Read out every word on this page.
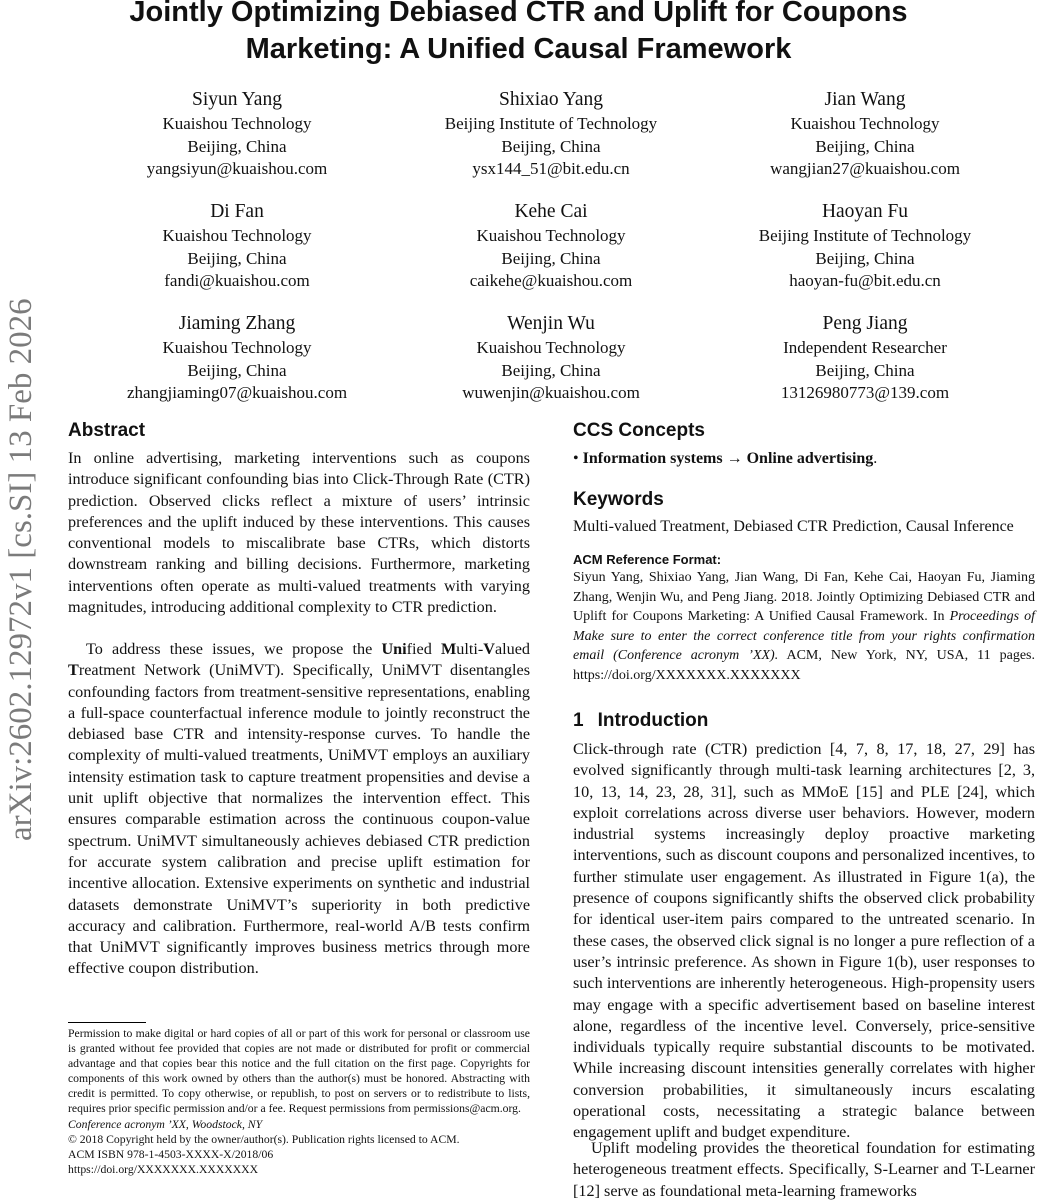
Jointly Optimizing Debiased CTR and Uplift for Coupons
Marketing: A Unified Causal Framework
arXiv:2602.12972v1 [cs.SI] 13 Feb 2026
Siyun Yang
Kuaishou Technology
Beijing, China
yangsiyun@kuaishou.com
Shixiao Yang
Beijing Institute of Technology
Beijing, China
ysx144_51@bit.edu.cn
Jian Wang
Kuaishou Technology
Beijing, China
wangjian27@kuaishou.com
Di Fan
Kuaishou Technology
Beijing, China
fandi@kuaishou.com
Kehe Cai
Kuaishou Technology
Beijing, China
caikehe@kuaishou.com
Haoyan Fu
Beijing Institute of Technology
Beijing, China
haoyan-fu@bit.edu.cn
Jiaming Zhang
Kuaishou Technology
Beijing, China
zhangjiaming07@kuaishou.com
Wenjin Wu
Kuaishou Technology
Beijing, China
wuwenjin@kuaishou.com
Peng Jiang
Independent Researcher
Beijing, China
13126980773@139.com
Abstract

In online advertising, marketing interventions such as coupons introduce significant confounding bias into Click-Through Rate (CTR) prediction. Observed clicks reflect a mixture of users’ intrinsic preferences and the uplift induced by these interventions. This causes conventional models to miscalibrate base CTRs, which distorts downstream ranking and billing decisions. Furthermore, marketing interventions often operate as multi-valued treatments with varying magnitudes, introducing additional complexity to CTR prediction.

To address these issues, we propose the Unified Multi-Valued Treatment Network (UniMVT). Specifically, UniMVT disentangles confounding factors from treatment-sensitive representations, enabling a full-space counterfactual inference module to jointly reconstruct the debiased base CTR and intensity-response curves. To handle the complexity of multi-valued treatments, UniMVT employs an auxiliary intensity estimation task to capture treatment propensities and devise a unit uplift objective that normalizes the intervention effect. This ensures comparable estimation across the continuous coupon-value spectrum. UniMVT simultaneously achieves debiased CTR prediction for accurate system calibration and precise uplift estimation for incentive allocation. Extensive experiments on synthetic and industrial datasets demonstrate UniMVT’s superiority in both predictive accuracy and calibration. Furthermore, real-world A/B tests confirm that UniMVT significantly improves business metrics through more effective coupon distribution.

CCS Concepts
• Information systems → Online advertising.
Keywords
Multi-valued Treatment, Debiased CTR Prediction, Causal Inference
ACM Reference Format:

Siyun Yang, Shixiao Yang, Jian Wang, Di Fan, Kehe Cai, Haoyan Fu, Jiaming Zhang, Wenjin Wu, and Peng Jiang. 2018. Jointly Optimizing Debiased CTR and Uplift for Coupons Marketing: A Unified Causal Framework. In Proceedings of Make sure to enter the correct conference title from your rights confirmation email (Conference acronym ’XX). ACM, New York, NY, USA, 11 pages. https://doi.org/XXXXXXX.XXXXXXX

1 Introduction

Click-through rate (CTR) prediction [4, 7, 8, 17, 18, 27, 29] has evolved significantly through multi-task learning architectures [2, 3, 10, 13, 14, 23, 28, 31], such as MMoE [15] and PLE [24], which exploit correlations across diverse user behaviors. However, modern industrial systems increasingly deploy proactive marketing interventions, such as discount coupons and personalized incentives, to further stimulate user engagement. As illustrated in Figure 1(a), the presence of coupons significantly shifts the observed click probability for identical user-item pairs compared to the untreated scenario. In these cases, the observed click signal is no longer a pure reflection of a user’s intrinsic preference. As shown in Figure 1(b), user responses to such interventions are inherently heterogeneous. High-propensity users may engage with a specific advertisement based on baseline interest alone, regardless of the incentive level. Conversely, price-sensitive individuals typically require substantial discounts to be motivated. While increasing discount intensities generally correlates with higher conversion probabilities, it simultaneously incurs escalating operational costs, necessitating a strategic balance between engagement uplift and budget expenditure.

Uplift modeling provides the theoretical foundation for estimating heterogeneous treatment effects. Specifically, S-Learner and T-Learner [12] serve as foundational meta-learning frameworks

Permission to make digital or hard copies of all or part of this work for personal or classroom use is granted without fee provided that copies are not made or distributed for profit or commercial advantage and that copies bear this notice and the full citation on the first page. Copyrights for components of this work owned by others than the author(s) must be honored. Abstracting with credit is permitted. To copy otherwise, or republish, to post on servers or to redistribute to lists, requires prior specific permission and/or a fee. Request permissions from permissions@acm.org.
Conference acronym ’XX, Woodstock, NY
© 2018 Copyright held by the owner/author(s). Publication rights licensed to ACM.
ACM ISBN 978-1-4503-XXXX-X/2018/06
https://doi.org/XXXXXXX.XXXXXXX
